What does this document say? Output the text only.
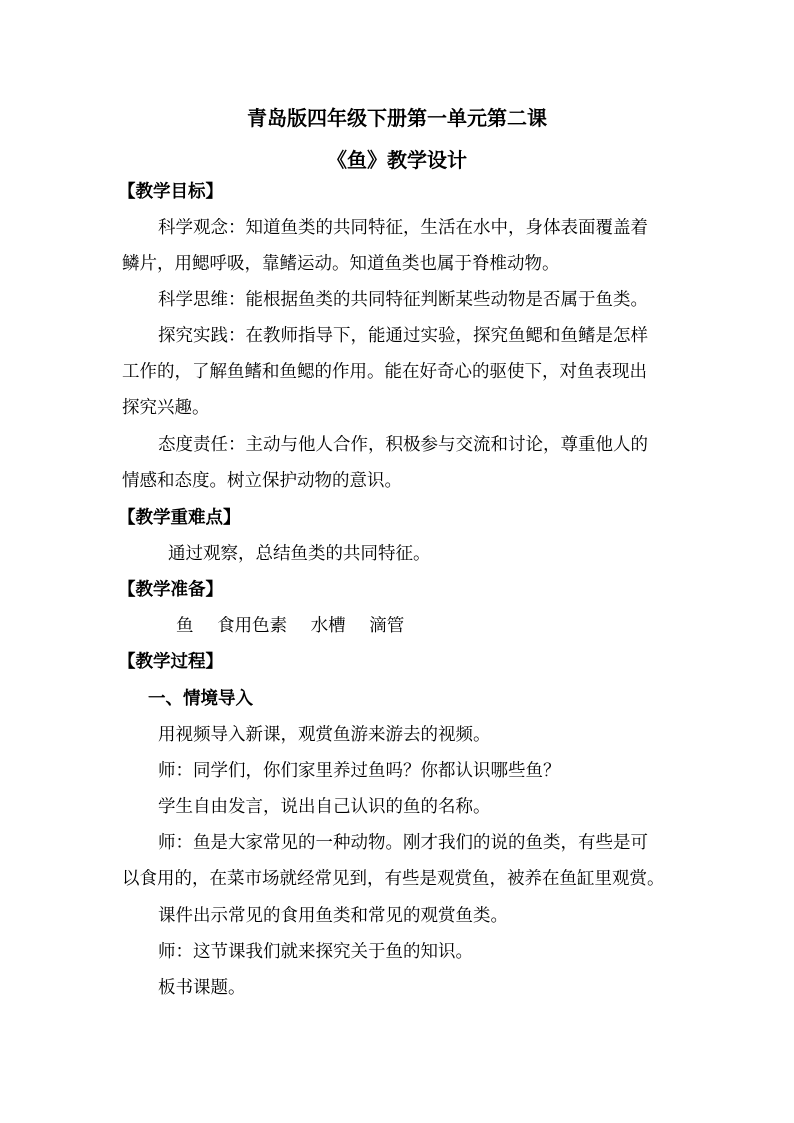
青岛版四年级下册第一单元第二课
《鱼》教学设计
【教学目标】
科学观念：知道鱼类的共同特征，生活在水中，身体表面覆盖着
鳞片，用鳃呼吸，靠鳍运动。知道鱼类也属于脊椎动物。
科学思维：能根据鱼类的共同特征判断某些动物是否属于鱼类。
探究实践：在教师指导下，能通过实验，探究鱼鳃和鱼鳍是怎样
工作的，了解鱼鳍和鱼鳃的作用。能在好奇心的驱使下，对鱼表现出
探究兴趣。
态度责任：主动与他人合作，积极参与交流和讨论，尊重他人的
情感和态度。树立保护动物的意识。
【教学重难点】
通过观察，总结鱼类的共同特征。
【教学准备】
鱼 食用色素 水槽 滴管
【教学过程】
一、情境导入
用视频导入新课，观赏鱼游来游去的视频。
师：同学们，你们家里养过鱼吗？你都认识哪些鱼？
学生自由发言，说出自己认识的鱼的名称。
师：鱼是大家常见的一种动物。刚才我们的说的鱼类，有些是可
以食用的，在菜市场就经常见到，有些是观赏鱼，被养在鱼缸里观赏。
课件出示常见的食用鱼类和常见的观赏鱼类。
师：这节课我们就来探究关于鱼的知识。
板书课题。
